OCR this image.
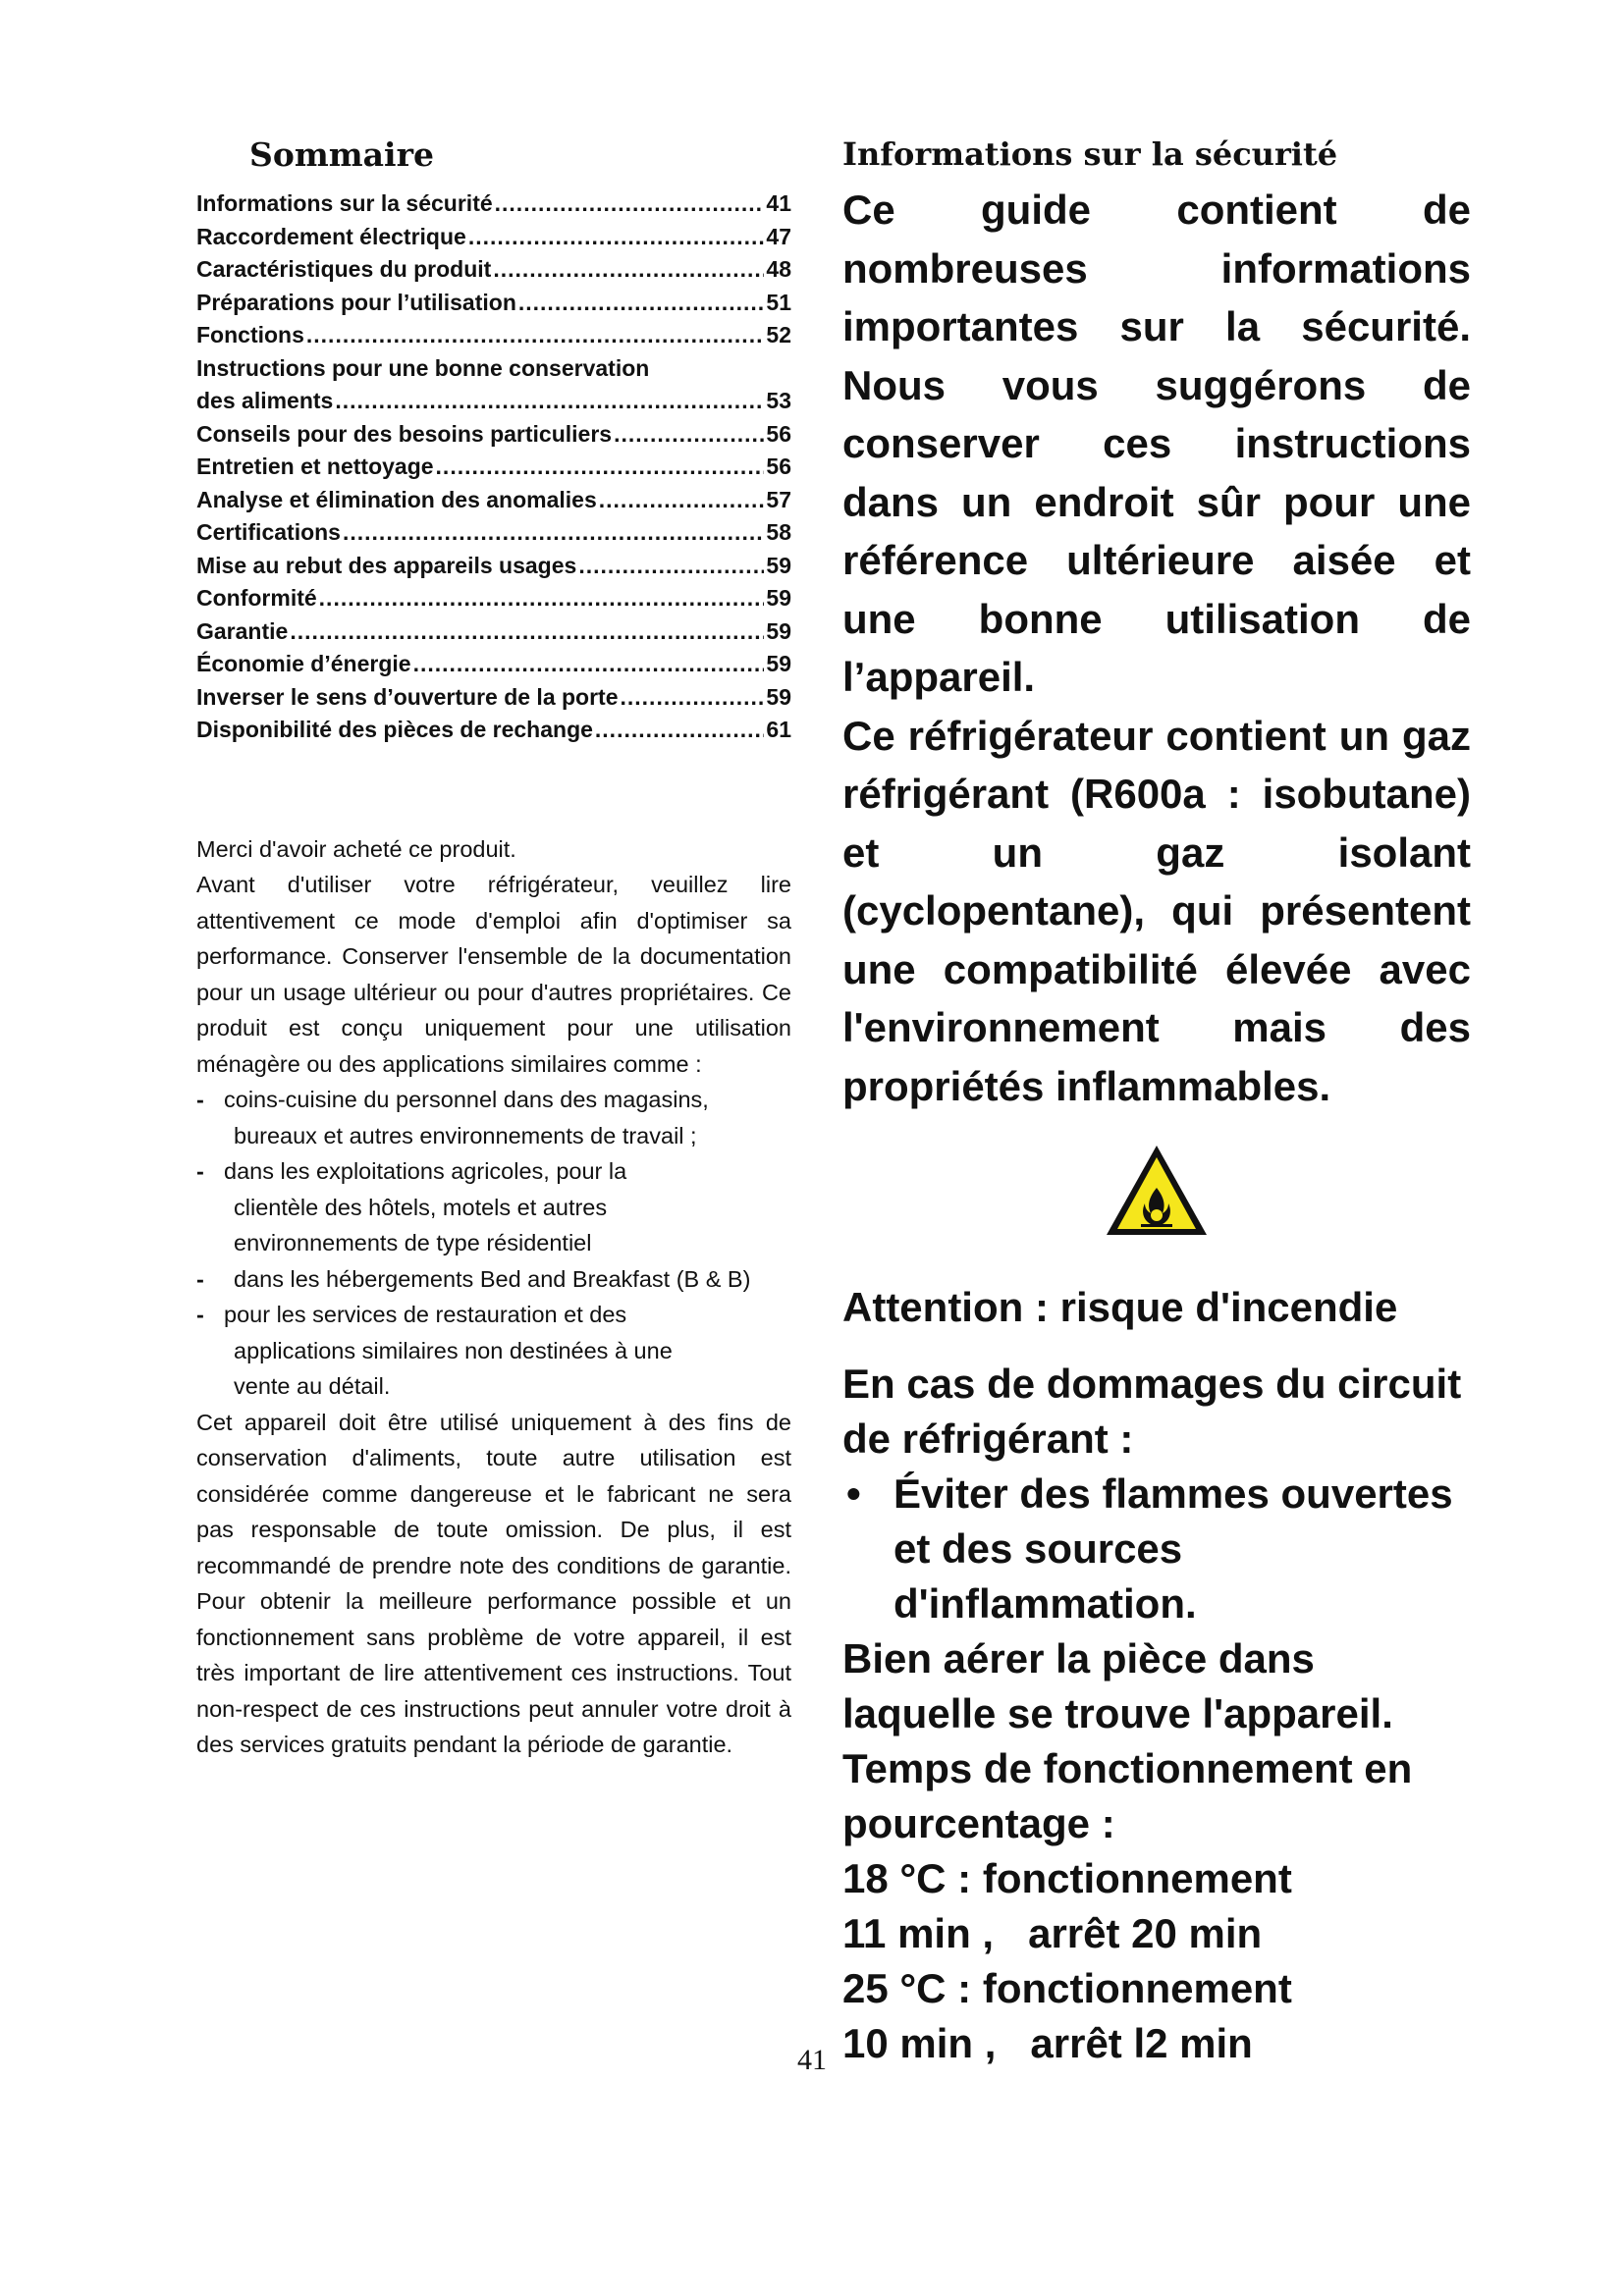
Sommaire
Informations sur la sécurité .....	41
Raccordement électrique .....	47
Caractéristiques du produit .....	48
Préparations pour l’utilisation .....	51
Fonctions .....	52
Instructions pour une bonne conservation
des aliments .....	53
Conseils pour des besoins particuliers .....	56
Entretien et nettoyage .....	56
Analyse et élimination des anomalies .....	57
Certifications .....	58
Mise au rebut des appareils usages .....	59
Conformité .....	59
Garantie .....	59
Économie d’énergie .....	59
Inverser le sens d’ouverture de la porte .....	59
Disponibilité des pièces de rechange .....	61

Merci d'avoir acheté ce produit.

Avant d'utiliser votre réfrigérateur, veuillez lire attentivement ce mode d'emploi afin d'optimiser sa performance. Conserver l'ensemble de la documentation pour un usage ultérieur ou pour d'autres propriétaires. Ce produit est conçu uniquement pour une utilisation ménagère ou des applications similaires comme :

- coins-cuisine du personnel dans des magasins,
bureaux et autres environnements de travail ;
- dans les exploitations agricoles, pour la
clientèle des hôtels, motels et autres
environnements de type résidentiel
- dans les hébergements Bed and Breakfast (B & B)
- pour les services de restauration et des
applications similaires non destinées à une
vente au détail.

Cet appareil doit être utilisé uniquement à des fins de conservation d'aliments, toute autre utilisation est considérée comme dangereuse et le fabricant ne sera pas responsable de toute omission. De plus, il est recommandé de prendre note des conditions de garantie. Pour obtenir la meilleure performance possible et un fonctionnement sans problème de votre appareil, il est très important de lire attentivement ces instructions. Tout non-respect de ces instructions peut annuler votre droit à des services gratuits pendant la période de garantie.

Informations sur la sécurité

Ce guide contient de nombreuses informations importantes sur la sécurité. Nous vous suggérons de conserver ces instructions dans un endroit sûr pour une référence ultérieure aisée et une bonne utilisation de l’appareil.

Ce réfrigérateur contient un gaz réfrigérant (R600a : isobutane) et un gaz isolant (cyclopentane), qui présentent une compatibilité élevée avec l'environnement mais des propriétés inflammables.

Attention : risque d'incendie

En cas de dommages du circuit de réfrigérant :

• Éviter des flammes ouvertes et des sources d'inflammation.

Bien aérer la pièce dans laquelle se trouve l'appareil.

Temps de fonctionnement en pourcentage :

18 °C : fonctionnement

11 min ,   arrêt 20 min

25 °C : fonctionnement

10 min ,   arrêt l2 min

41
